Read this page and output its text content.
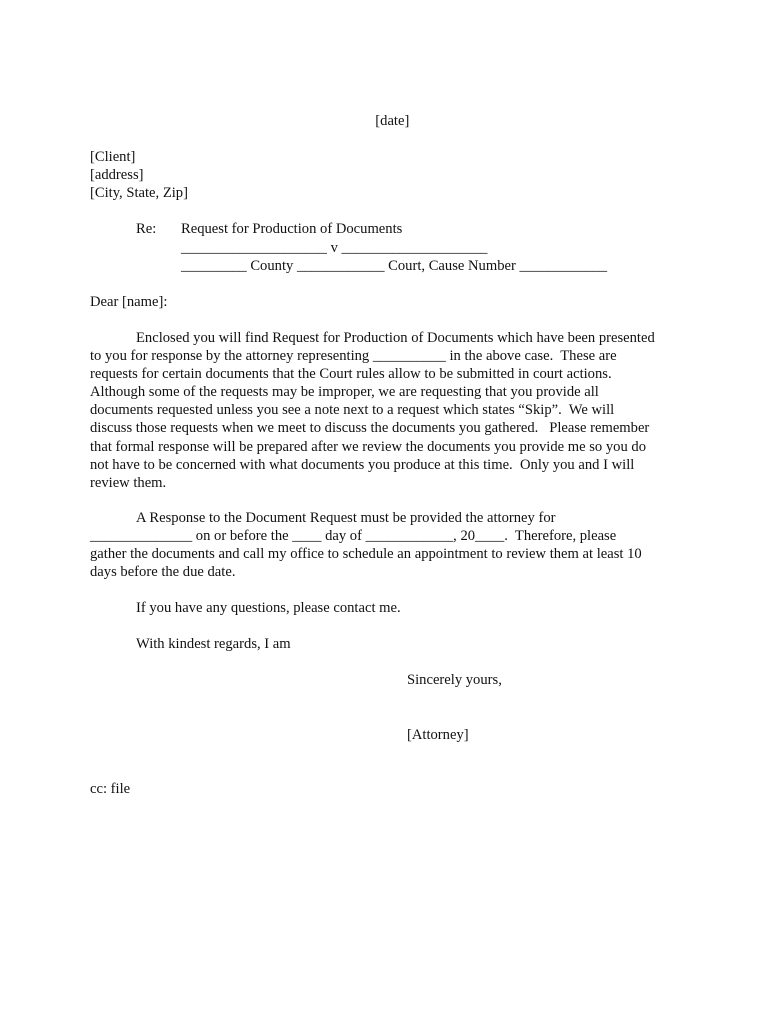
[date]

[Client]
[address]
[City, State, Zip]
Re: Request for Production of Documents
____________________ v ____________________
_________ County ____________ Court, Cause Number ____________
Dear [name]:
Enclosed you will find Request for Production of Documents which have been presented
to you for response by the attorney representing __________ in the above case.  These are
requests for certain documents that the Court rules allow to be submitted in court actions.
Although some of the requests may be improper, we are requesting that you provide all
documents requested unless you see a note next to a request which states “Skip”.  We will
discuss those requests when we meet to discuss the documents you gathered.   Please remember
that formal response will be prepared after we review the documents you provide me so you do
not have to be concerned with what documents you produce at this time.  Only you and I will
review them.
A Response to the Document Request must be provided the attorney for
______________ on or before the ____ day of ____________, 20____.  Therefore, please
gather the documents and call my office to schedule an appointment to review them at least 10
days before the due date.
If you have any questions, please contact me.
With kindest regards, I am
Sincerely yours,
[Attorney]
cc: file
